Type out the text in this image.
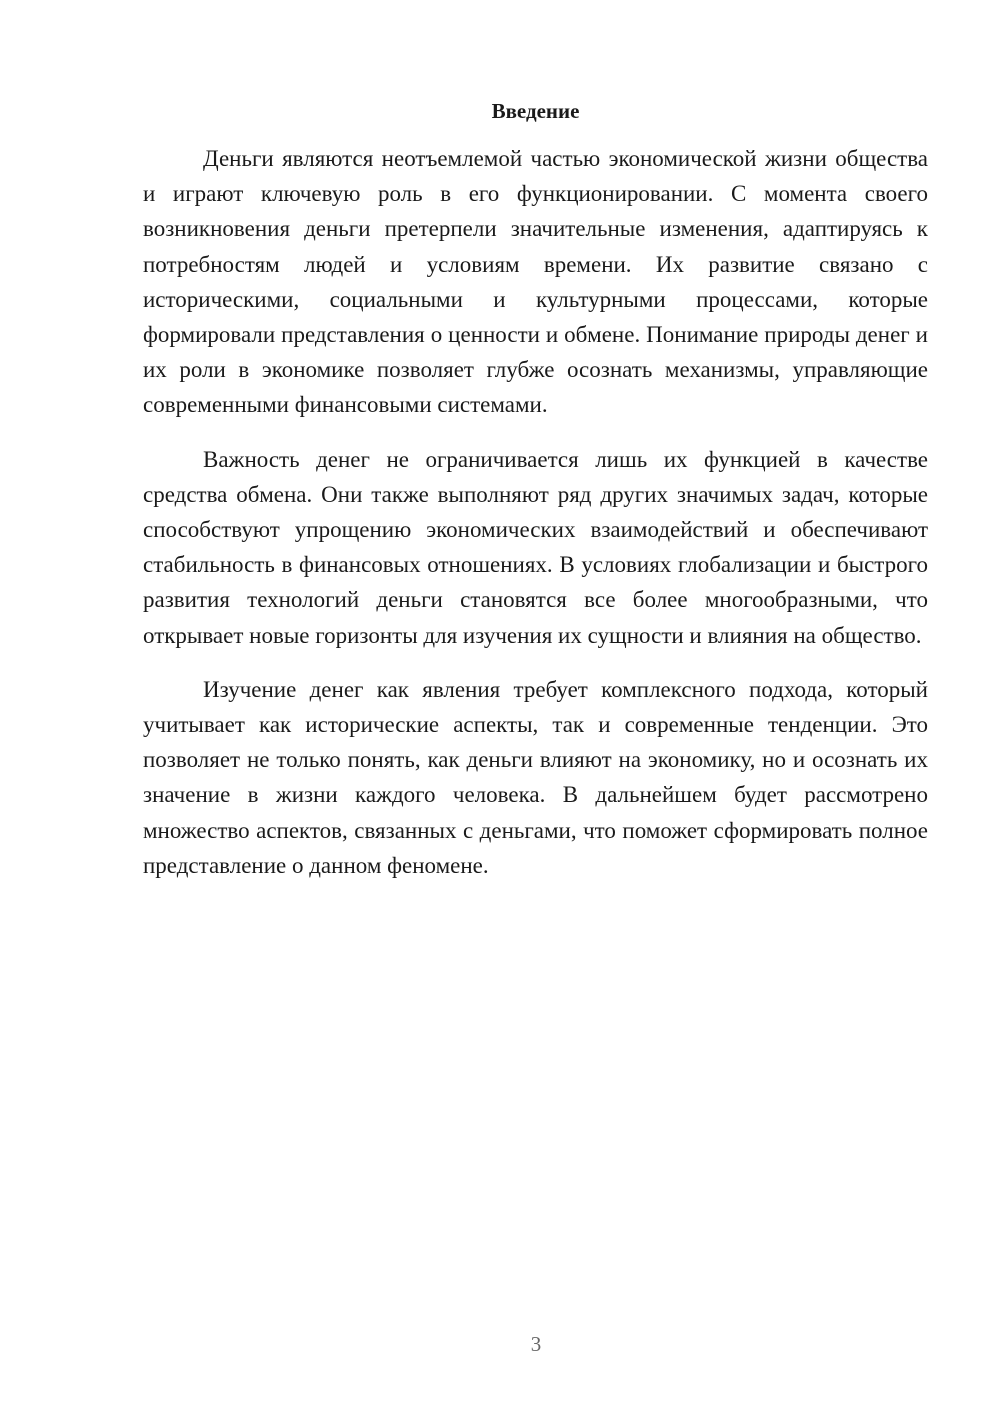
Введение

Деньги являются неотъемлемой частью экономической жизни общества и играют ключевую роль в его функционировании. С момента своего возникновения деньги претерпели значительные изменения, адаптируясь к потребностям людей и условиям времени. Их развитие связано с историческими, социальными и культурными процессами, которые формировали представления о ценности и обмене. Понимание природы денег и их роли в экономике позволяет глубже осознать механизмы, управляющие современными финансовыми системами.

Важность денег не ограничивается лишь их функцией в качестве средства обмена. Они также выполняют ряд других значимых задач, которые способствуют упрощению экономических взаимодействий и обеспечивают стабильность в финансовых отношениях. В условиях глобализации и быстрого развития технологий деньги становятся все более многообразными, что открывает новые горизонты для изучения их сущности и влияния на общество.

Изучение денег как явления требует комплексного подхода, который учитывает как исторические аспекты, так и современные тенденции. Это позволяет не только понять, как деньги влияют на экономику, но и осознать их значение в жизни каждого человека. В дальнейшем будет рассмотрено множество аспектов, связанных с деньгами, что поможет сформировать полное представление о данном феномене.

3
